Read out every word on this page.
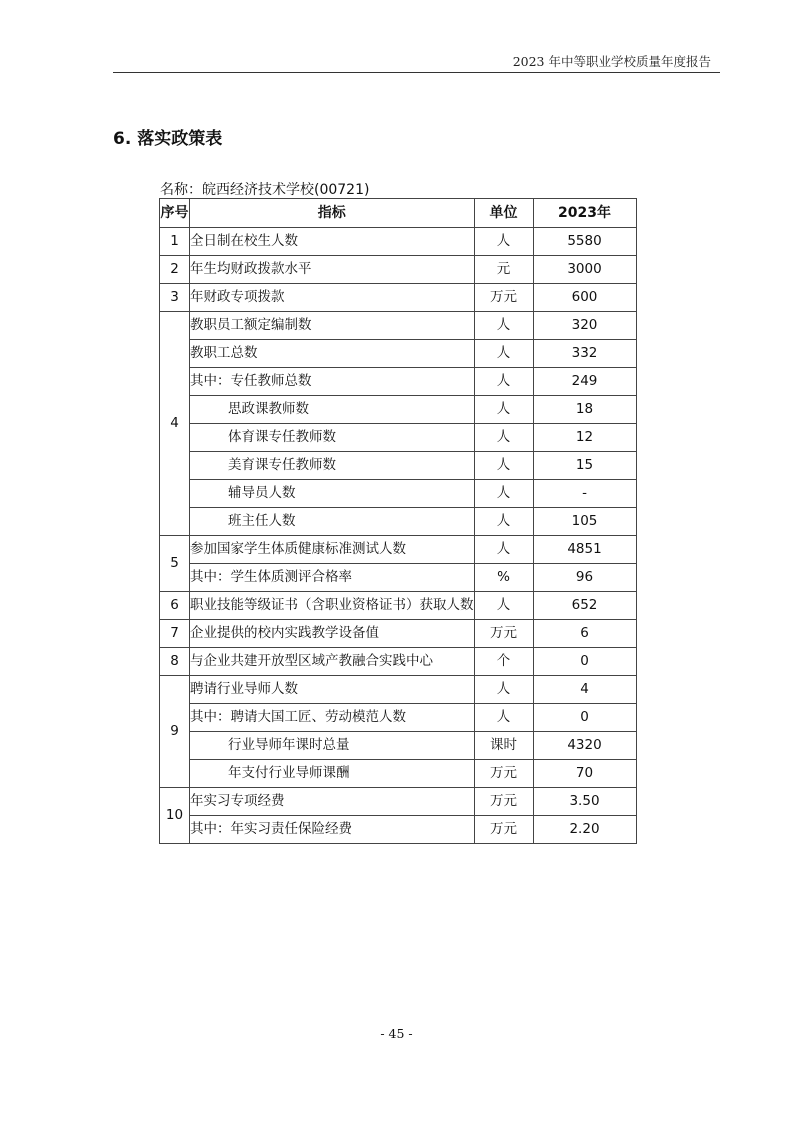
2023 年中等职业学校质量年度报告
6. 落实政策表
名称：皖西经济技术学校(00721)
序号	指标	单位	2023年
1	全日制在校生人数	人	5580
2	年生均财政拨款水平	元	3000
3	年财政专项拨款	万元	600
4	教职员工额定编制数	人	320
	教职工总数	人	332
	其中：专任教师总数	人	249
	思政课教师数	人	18
	体育课专任教师数	人	12
	美育课专任教师数	人	15
	辅导员人数	人	-
	班主任人数	人	105
5	参加国家学生体质健康标准测试人数	人	4851
	其中：学生体质测评合格率	%	96
6	职业技能等级证书（含职业资格证书）获取人数	人	652
7	企业提供的校内实践教学设备值	万元	6
8	与企业共建开放型区域产教融合实践中心	个	0
9	聘请行业导师人数	人	4
	其中：聘请大国工匠、劳动模范人数	人	0
	行业导师年课时总量	课时	4320
	年支付行业导师课酬	万元	70
10	年实习专项经费	万元	3.50
	其中：年实习责任保险经费	万元	2.20
- 45 -
